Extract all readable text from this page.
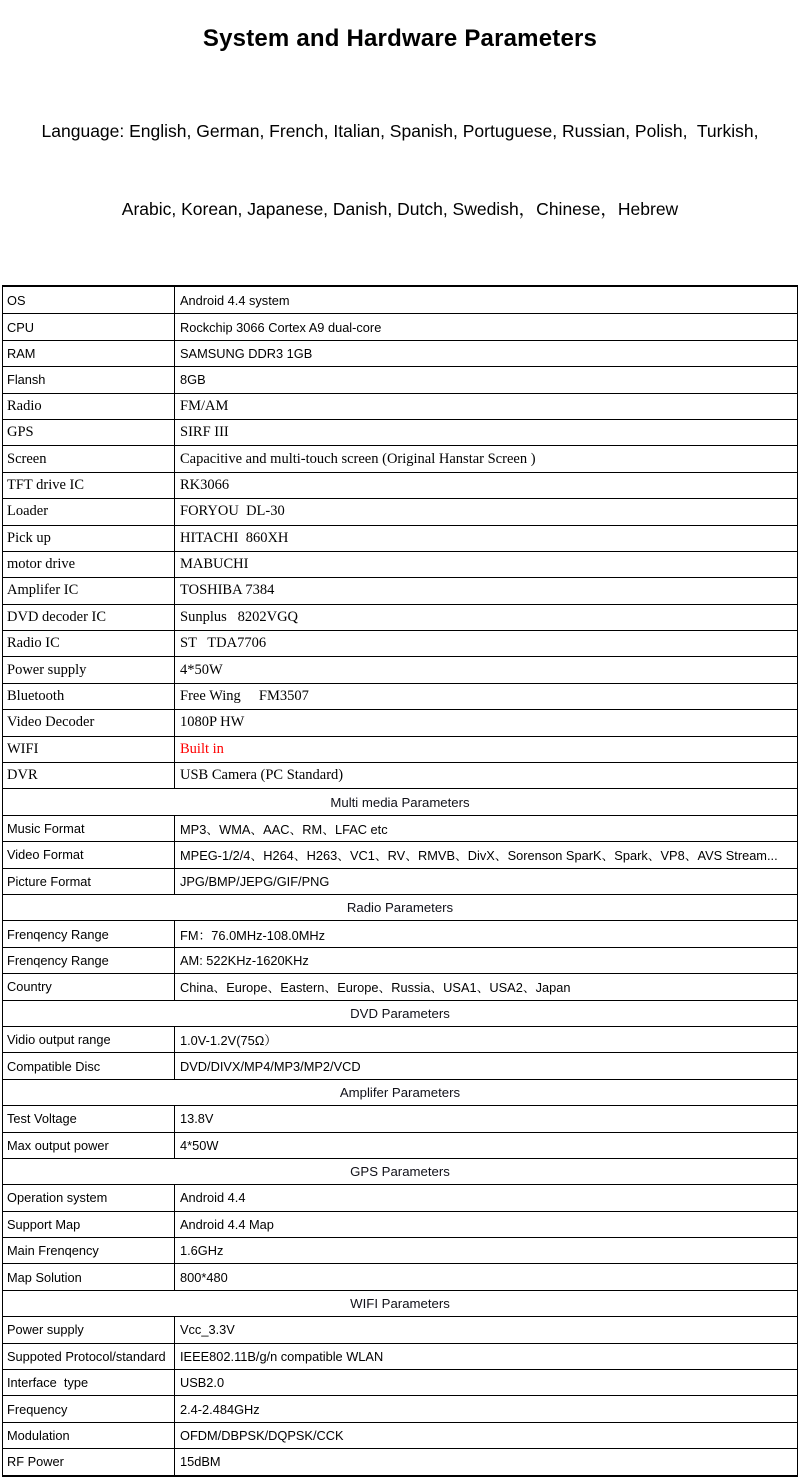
System and Hardware Parameters

Language: English, German, French, Italian, Spanish, Portuguese, Russian, Polish,  Turkish,

Arabic, Korean, Japanese, Danish, Dutch, Swedish，Chinese，Hebrew

OS	Android 4.4 system
CPU	Rockchip 3066 Cortex A9 dual-core
RAM	SAMSUNG DDR3 1GB
Flansh	8GB
Radio	FM/AM
GPS	SIRF III
Screen	Capacitive and multi-touch screen (Original Hanstar Screen )
TFT drive IC	RK3066
Loader	FORYOU  DL-30
Pick up	HITACHI  860XH
motor drive	MABUCHI
Amplifer IC	TOSHIBA 7384
DVD decoder IC	Sunplus   8202VGQ
Radio IC	ST   TDA7706
Power supply	4*50W
Bluetooth	Free Wing     FM3507
Video Decoder	1080P HW
WIFI	Built in
DVR	USB Camera (PC Standard)
Multi media Parameters
Music Format	MP3、WMA、AAC、RM、LFAC etc
Video Format	MPEG-1/2/4、H264、H263、VC1、RV、RMVB、DivX、Sorenson SparK、Spark、VP8、AVS Stream...
Picture Format	JPG/BMP/JEPG/GIF/PNG
Radio Parameters
Frenqency Range	FM：76.0MHz-108.0MHz
Frenqency Range	AM: 522KHz-1620KHz
Country	China、Europe、Eastern、Europe、Russia、USA1、USA2、Japan
DVD Parameters
Vidio output range	1.0V-1.2V(75Ω）
Compatible Disc	DVD/DIVX/MP4/MP3/MP2/VCD
Amplifer Parameters
Test Voltage	13.8V
Max output power	4*50W
GPS Parameters
Operation system	Android 4.4
Support Map	Android 4.4 Map
Main Frenqency	1.6GHz
Map Solution	800*480
WIFI Parameters
Power supply	Vcc_3.3V
Suppoted Protocol/standard	IEEE802.11B/g/n compatible WLAN
Interface  type	USB2.0
Frequency	2.4-2.484GHz
Modulation	OFDM/DBPSK/DQPSK/CCK
RF Power	15dBM
